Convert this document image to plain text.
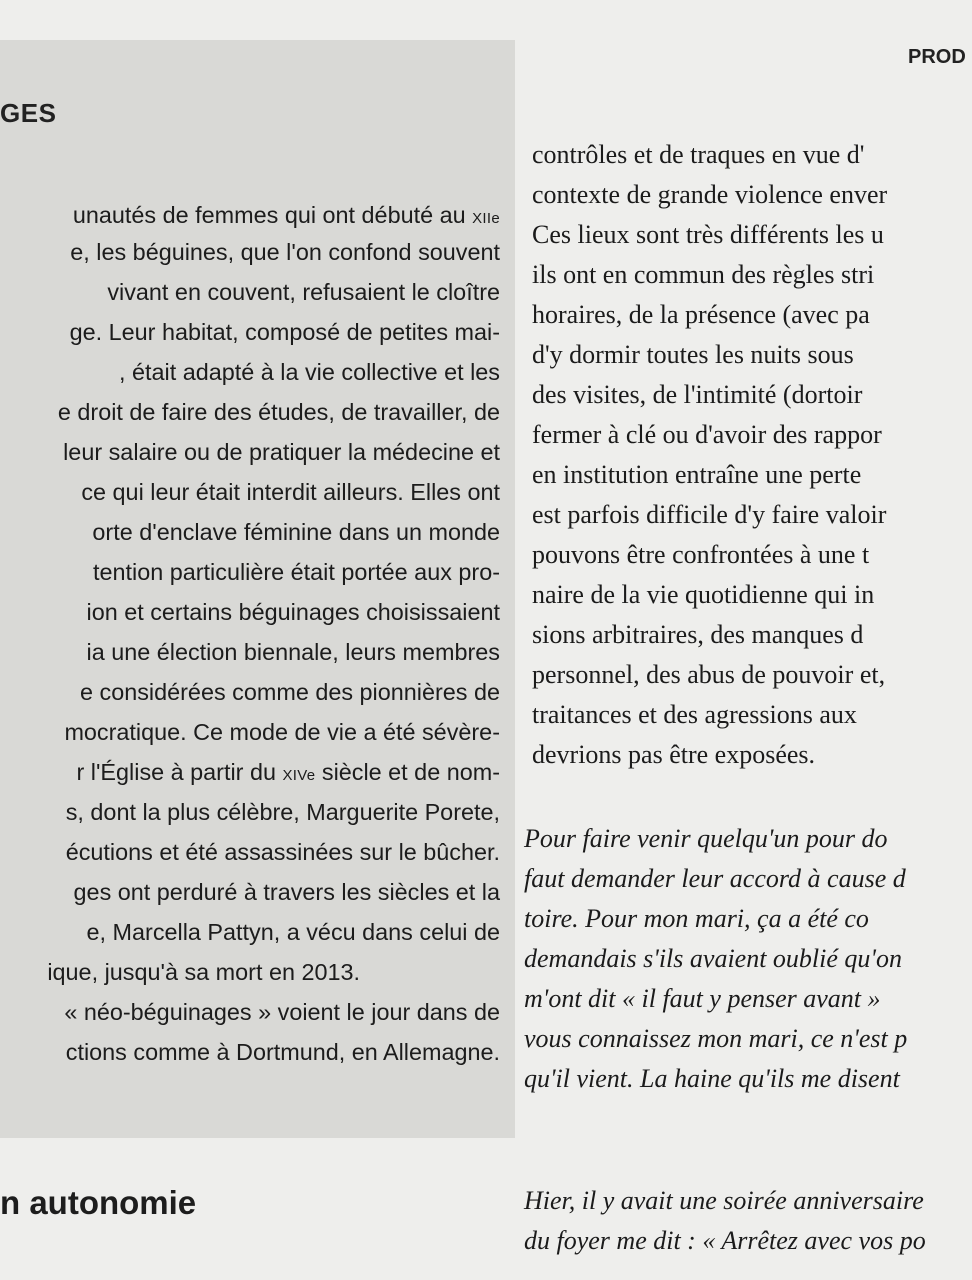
GES
unautés de femmes qui ont débuté au XIIe
e, les béguines, que l'on confond souvent
vivant en couvent, refusaient le cloître
ge. Leur habitat, composé de petites mai-
, était adapté à la vie collective et les
e droit de faire des études, de travailler, de
leur salaire ou de pratiquer la médecine et
ce qui leur était interdit ailleurs. Elles ont
orte d'enclave féminine dans un monde
tention particulière était portée aux pro-
ion et certains béguinages choisissaient
ia une élection biennale, leurs membres
e considérées comme des pionnières de
mocratique. Ce mode de vie a été sévère-
r l'Église à partir du XIVe siècle et de nom-
s, dont la plus célèbre, Marguerite Porete,
écutions et été assassinées sur le bûcher.
ges ont perduré à travers les siècles et la
e, Marcella Pattyn, a vécu dans celui de
ique, jusqu'à sa mort en 2013.
« néo-béguinages » voient le jour dans de
ctions comme à Dortmund, en Allemagne.
n autonomie
PROD
contrôles et de traques en vue d'
contexte de grande violence enver
Ces lieux sont très différents les u
ils ont en commun des règles stri
horaires, de la présence (avec pa
d'y dormir toutes les nuits sous
des visites, de l'intimité (dortoir
fermer à clé ou d'avoir des rappor
en institution entraîne une perte
est parfois difficile d'y faire valoir
pouvons être confrontées à une t
naire de la vie quotidienne qui in
sions arbitraires, des manques d
personnel, des abus de pouvoir et,
traitances et des agressions aux
devrions pas être exposées.
Pour faire venir quelqu'un pour do
faut demander leur accord à cause d
toire. Pour mon mari, ça a été co
demandais s'ils avaient oublié qu'on
m'ont dit « il faut y penser avant »
vous connaissez mon mari, ce n'est p
qu'il vient. La haine qu'ils me disent
Hier, il y avait une soirée anniversaire
du foyer me dit : « Arrêtez avec vos po
